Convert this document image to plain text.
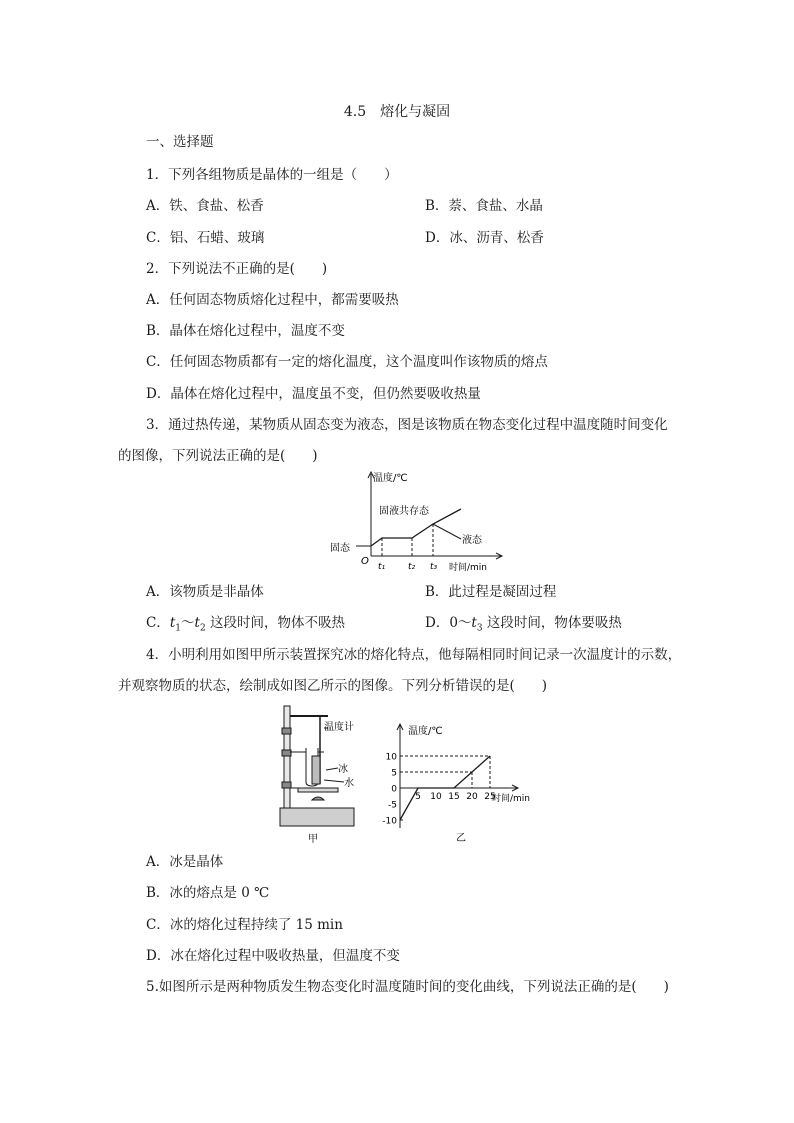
4.5　熔化与凝固
一、选择题
1．下列各组物质是晶体的一组是（　　）
A．铁、食盐、松香	B．萘、食盐、水晶
C．铝、石蜡、玻璃	D．冰、沥青、松香
2．下列说法不正确的是(　　)
A．任何固态物质熔化过程中，都需要吸热
B．晶体在熔化过程中，温度不变
C．任何固态物质都有一定的熔化温度，这个温度叫作该物质的熔点
D．晶体在熔化过程中，温度虽不变，但仍然要吸收热量
3．通过热传递，某物质从固态变为液态，图是该物质在物态变化过程中温度随时间变化
的图像，下列说法正确的是(　　)
温度/℃
时间/min
O t₁	t₂ t₃
固态
固液共存态
液态
A．该物质是非晶体	B．此过程是凝固过程
C．$t_1\sim t_2$ 这段时间，物体不吸热	D．$0\sim t_3$ 这段时间，物体要吸热
4．小明利用如图甲所示装置探究冰的熔化特点，他每隔相同时间记录一次温度计的示数，
并观察物质的状态，绘制成如图乙所示的图像。下列分析错误的是(　　)
温度计
冰
水
甲
10
5
0
-5
-10
5 10 15 20 25
温度/℃
时间/min
乙
A．冰是晶体
B．冰的熔点是 0 ℃
C．冰的熔化过程持续了 15 min
D．冰在熔化过程中吸收热量，但温度不变
5.如图所示是两种物质发生物态变化时温度随时间的变化曲线，下列说法正确的是(　　)
